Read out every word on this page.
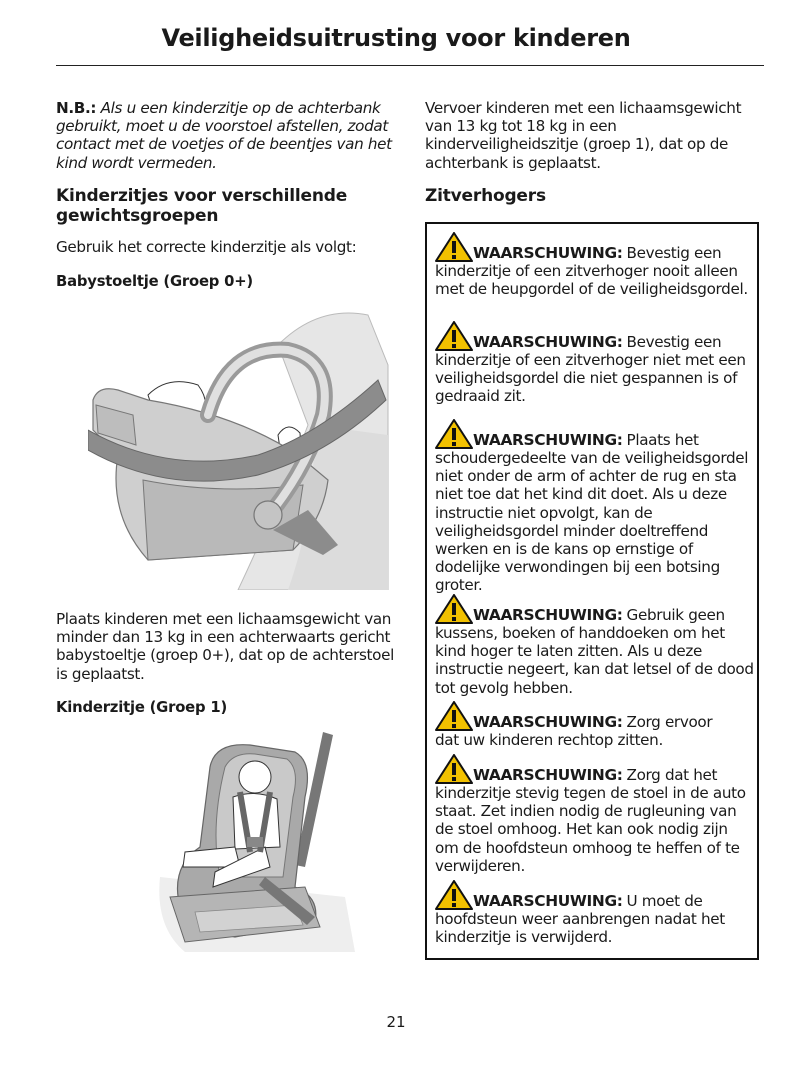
Veiligheidsuitrusting voor kinderen

N.B.: Als u een kinderzitje op de achterbank gebruikt, moet u de voorstoel afstellen, zodat contact met de voetjes of de beentjes van het kind wordt vermeden.

Kinderzitjes voor verschillende gewichtsgroepen

Gebruik het correcte kinderzitje als volgt:

Babystoeltje (Groep 0+)

Plaats kinderen met een lichaamsgewicht van minder dan 13 kg in een achterwaarts gericht babystoeltje (groep 0+), dat op de achterstoel is geplaatst.

Kinderzitje (Groep 1)

Vervoer kinderen met een lichaamsgewicht van 13 kg tot 18 kg in een kinderveiligheidszitje (groep 1), dat op de achterbank is geplaatst.

Zitverhogers

WAARSCHUWING: Bevestig een

kinderzitje of een zitverhoger nooit alleen met de heupgordel of de veiligheidsgordel.

WAARSCHUWING: Bevestig een

kinderzitje of een zitverhoger niet met een veiligheidsgordel die niet gespannen is of gedraaid zit.

WAARSCHUWING: Plaats het

schoudergedeelte van de veiligheidsgordel niet onder de arm of achter de rug en sta niet toe dat het kind dit doet. Als u deze instructie niet opvolgt, kan de veiligheidsgordel minder doeltreffend werken en is de kans op ernstige of dodelijke verwondingen bij een botsing groter.

WAARSCHUWING: Gebruik geen

kussens, boeken of handdoeken om het kind hoger te laten zitten. Als u deze instructie negeert, kan dat letsel of de dood tot gevolg hebben.

WAARSCHUWING: Zorg ervoor

dat uw kinderen rechtop zitten.

WAARSCHUWING: Zorg dat het

kinderzitje stevig tegen de stoel in de auto staat. Zet indien nodig de rugleuning van de stoel omhoog. Het kan ook nodig zijn om de hoofdsteun omhoog te heffen of te verwijderen.

WAARSCHUWING: U moet de

hoofdsteun weer aanbrengen nadat het kinderzitje is verwijderd.

21
